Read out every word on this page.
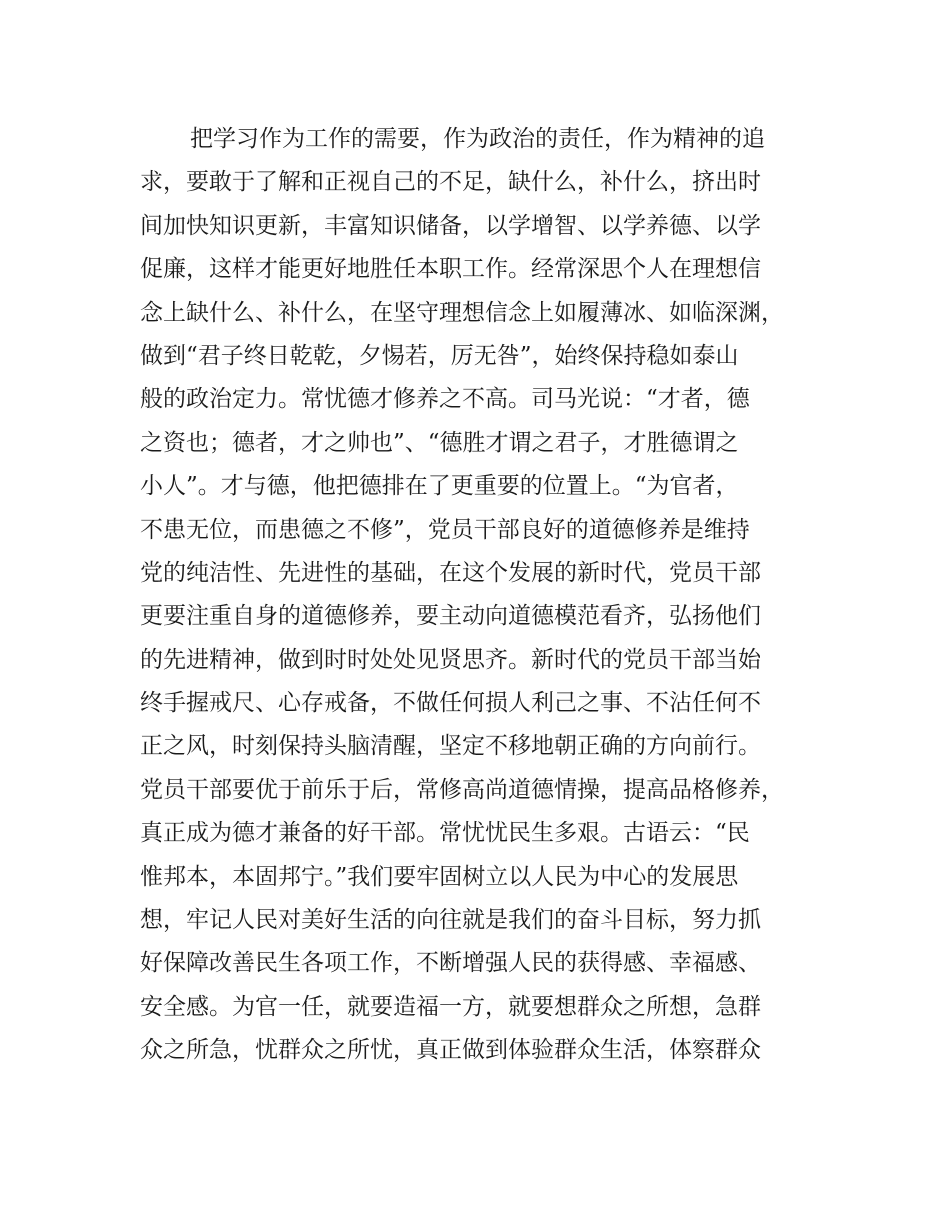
把学习作为工作的需要，作为政治的责任，作为精神的追
求，要敢于了解和正视自己的不足，缺什么，补什么，挤出时
间加快知识更新，丰富知识储备，以学增智、以学养德、以学
促廉，这样才能更好地胜任本职工作。经常深思个人在理想信
念上缺什么、补什么，在坚守理想信念上如履薄冰、如临深渊，
做到“君子终日乾乾，夕惕若，厉无咎”，始终保持稳如泰山
般的政治定力。常忧德才修养之不高。司马光说：“才者，德
之资也；德者，才之帅也”、“德胜才谓之君子，才胜德谓之
小人”。才与德，他把德排在了更重要的位置上。“为官者，
不患无位，而患德之不修”，党员干部良好的道德修养是维持
党的纯洁性、先进性的基础，在这个发展的新时代，党员干部
更要注重自身的道德修养，要主动向道德模范看齐，弘扬他们
的先进精神，做到时时处处见贤思齐。新时代的党员干部当始
终手握戒尺、心存戒备，不做任何损人利己之事、不沾任何不
正之风，时刻保持头脑清醒，坚定不移地朝正确的方向前行。
党员干部要优于前乐于后，常修高尚道德情操，提高品格修养，
真正成为德才兼备的好干部。常忧忧民生多艰。古语云：“民
惟邦本，本固邦宁。”我们要牢固树立以人民为中心的发展思
想，牢记人民对美好生活的向往就是我们的奋斗目标，努力抓
好保障改善民生各项工作，不断增强人民的获得感、幸福感、
安全感。为官一任，就要造福一方，就要想群众之所想，急群
众之所急，忧群众之所忧，真正做到体验群众生活，体察群众
